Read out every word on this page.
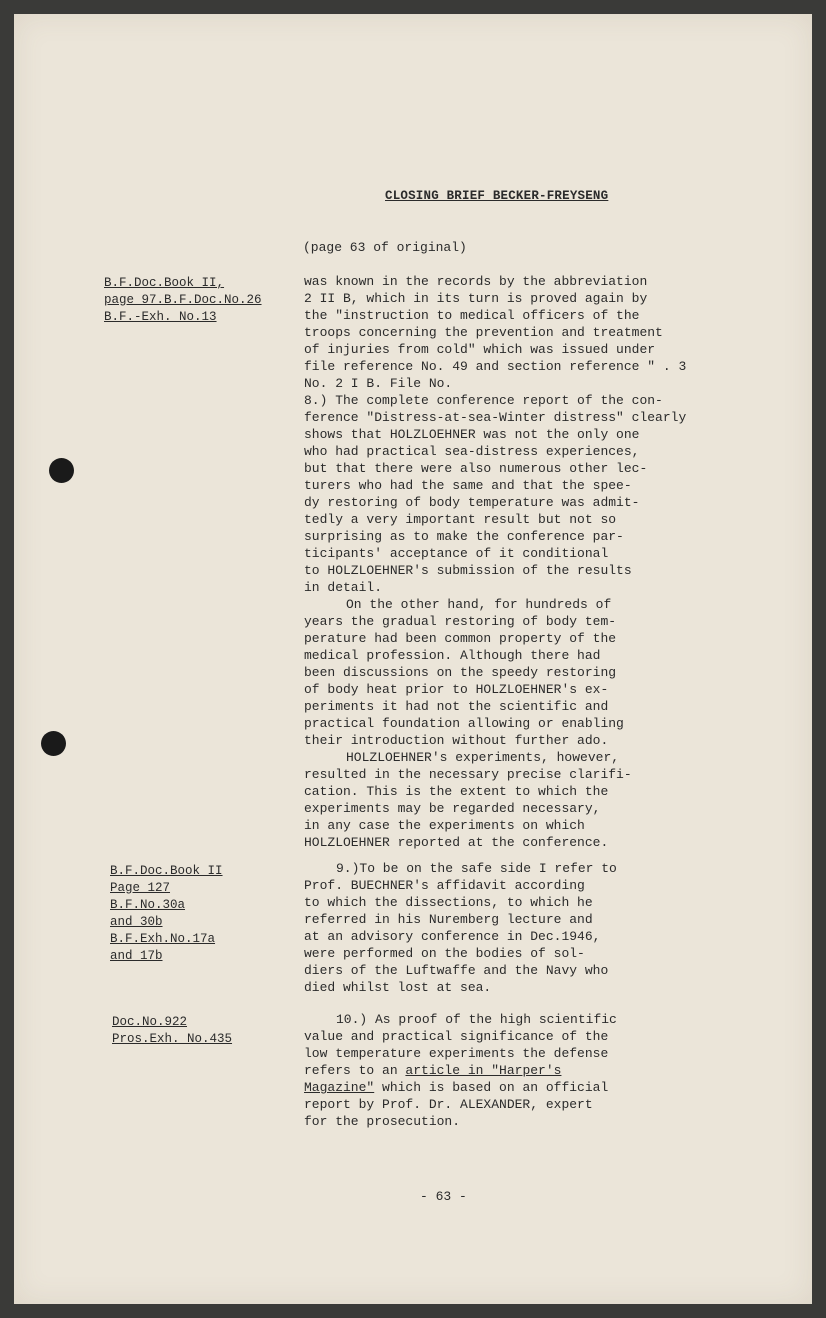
CLOSING BRIEF BECKER-FREYSENG
(page 63 of original)
B.F.Doc.Book II,
page 97.B.F.Doc.No.26
B.F.-Exh. No.13
was known in the records by the abbreviation
2 II B, which in its turn is proved again by
the "instruction to medical officers of the
troops concerning the prevention and treatment
of injuries from cold" which was issued under
file reference No. 49 and section reference " . 3
No. 2 I B. File No.
8.) The complete conference report of the con-
ference "Distress-at-sea-Winter distress" clearly
shows that HOLZLOEHNER was not the only one
who had practical sea-distress experiences,
but that there were also numerous other lec-
turers who had the same and that the spee-
dy restoring of body temperature was admit-
tedly a very important result but not so
surprising as to make the conference par-
ticipants' acceptance of it conditional
to HOLZLOEHNER's submission of the results
in detail.
On the other hand, for hundreds of
years the gradual restoring of body tem-
perature had been common property of the
medical profession. Although there had
been discussions on the speedy restoring
of body heat prior to HOLZLOEHNER's ex-
periments it had not the scientific and
practical foundation allowing or enabling
their introduction without further ado.
HOLZLOEHNER's experiments, however,
resulted in the necessary precise clarifi-
cation. This is the extent to which the
experiments may be regarded necessary,
in any case the experiments on which
HOLZLOEHNER reported at the conference.
B.F.Doc.Book II
Page 127
B.F.No.30a
and 30b
B.F.Exh.No.17a
and 17b
9.)To be on the safe side I refer to
Prof. BUECHNER's affidavit according
to which the dissections, to which he
referred in his Nuremberg lecture and
at an advisory conference in Dec.1946,
were performed on the bodies of sol-
diers of the Luftwaffe and the Navy who
died whilst lost at sea.
Doc.No.922
Pros.Exh. No.435
10.) As proof of the high scientific
value and practical significance of the
low temperature experiments the defense
refers to an article in "Harper's
Magazine" which is based on an official
report by Prof. Dr. ALEXANDER, expert
for the prosecution.
- 63 -
